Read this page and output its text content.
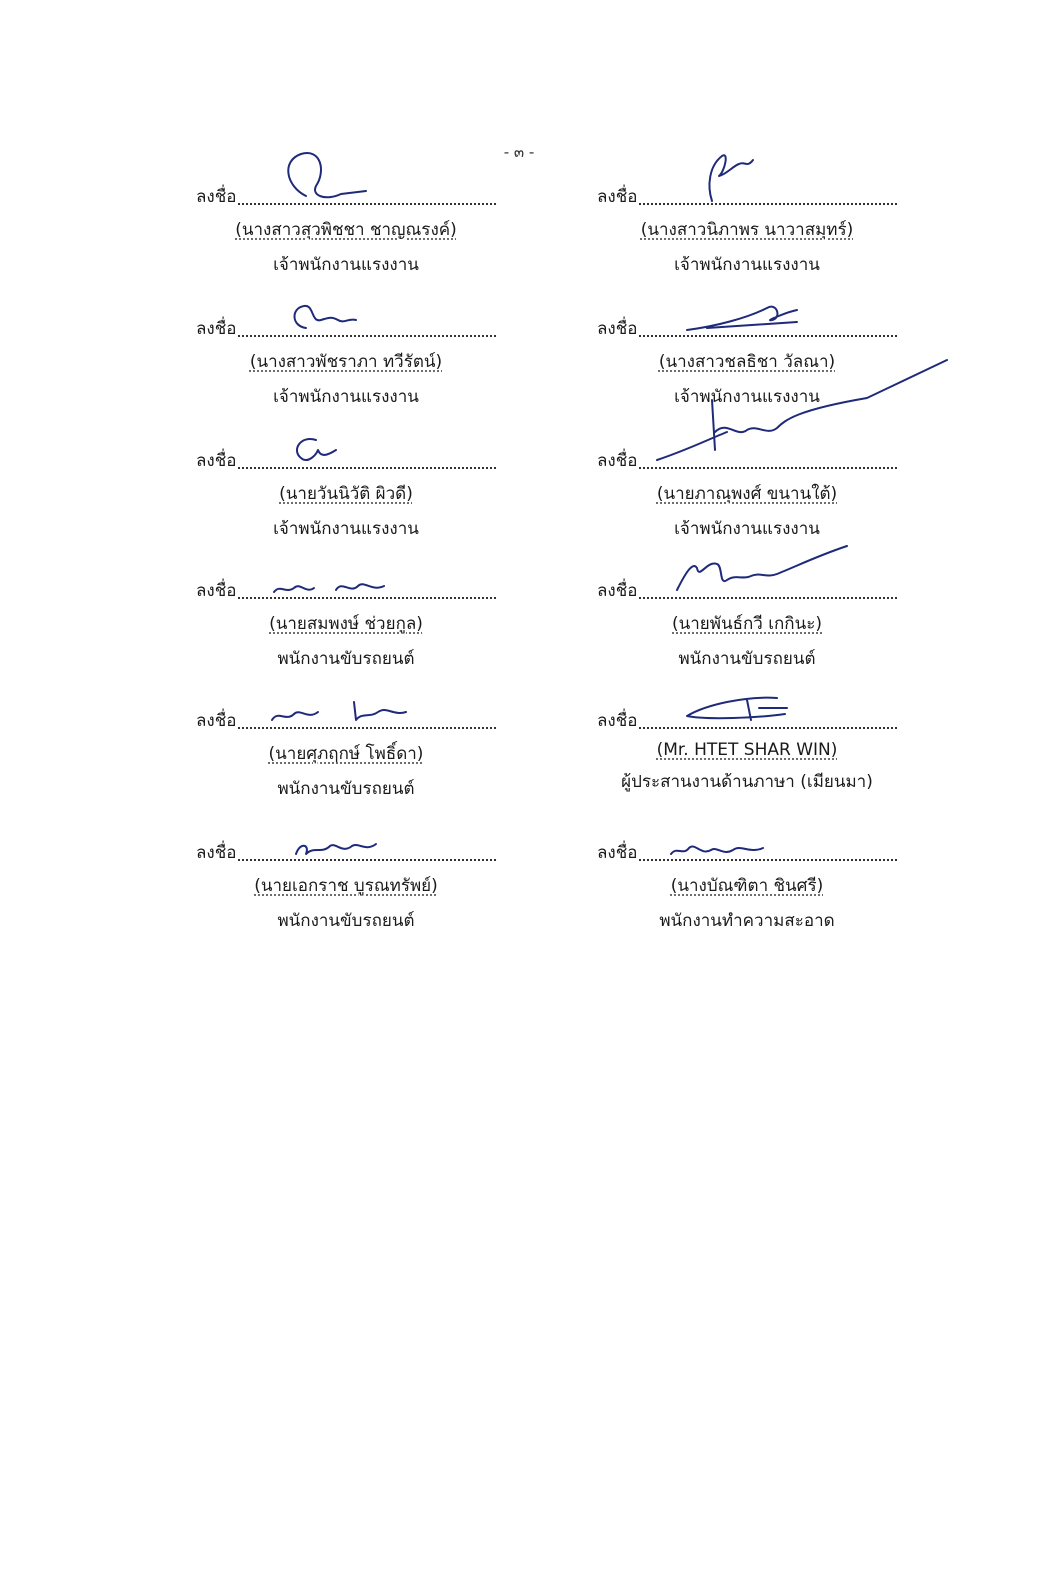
- ๓ -
ลงชื่อ
(นางสาวสุวพิชชา ชาญณรงค์)
เจ้าพนักงานแรงงาน
ลงชื่อ
(นางสาวพัชราภา ทวีรัตน์)
เจ้าพนักงานแรงงาน
ลงชื่อ
(นายวันนิวัติ ผิวดี)
เจ้าพนักงานแรงงาน
ลงชื่อ
(นายสมพงษ์ ช่วยกูล)
พนักงานขับรถยนต์
ลงชื่อ
(นายศุภฤกษ์ โพธิ์ดา)
พนักงานขับรถยนต์
ลงชื่อ
(นายเอกราช บูรณทรัพย์)
พนักงานขับรถยนต์
ลงชื่อ
(นางสาวนิภาพร นาวาสมุทร์)
เจ้าพนักงานแรงงาน
ลงชื่อ
(นางสาวชลธิชา วัลณา)
เจ้าพนักงานแรงงาน
ลงชื่อ
(นายภาณุพงศ์ ขนานใต้)
เจ้าพนักงานแรงงาน
ลงชื่อ
(นายพันธ์กวี เกกินะ)
พนักงานขับรถยนต์
ลงชื่อ
(Mr. HTET SHAR WIN)
ผู้ประสานงานด้านภาษา (เมียนมา)
ลงชื่อ
(นางบัณฑิตา ชินศรี)
พนักงานทำความสะอาด
